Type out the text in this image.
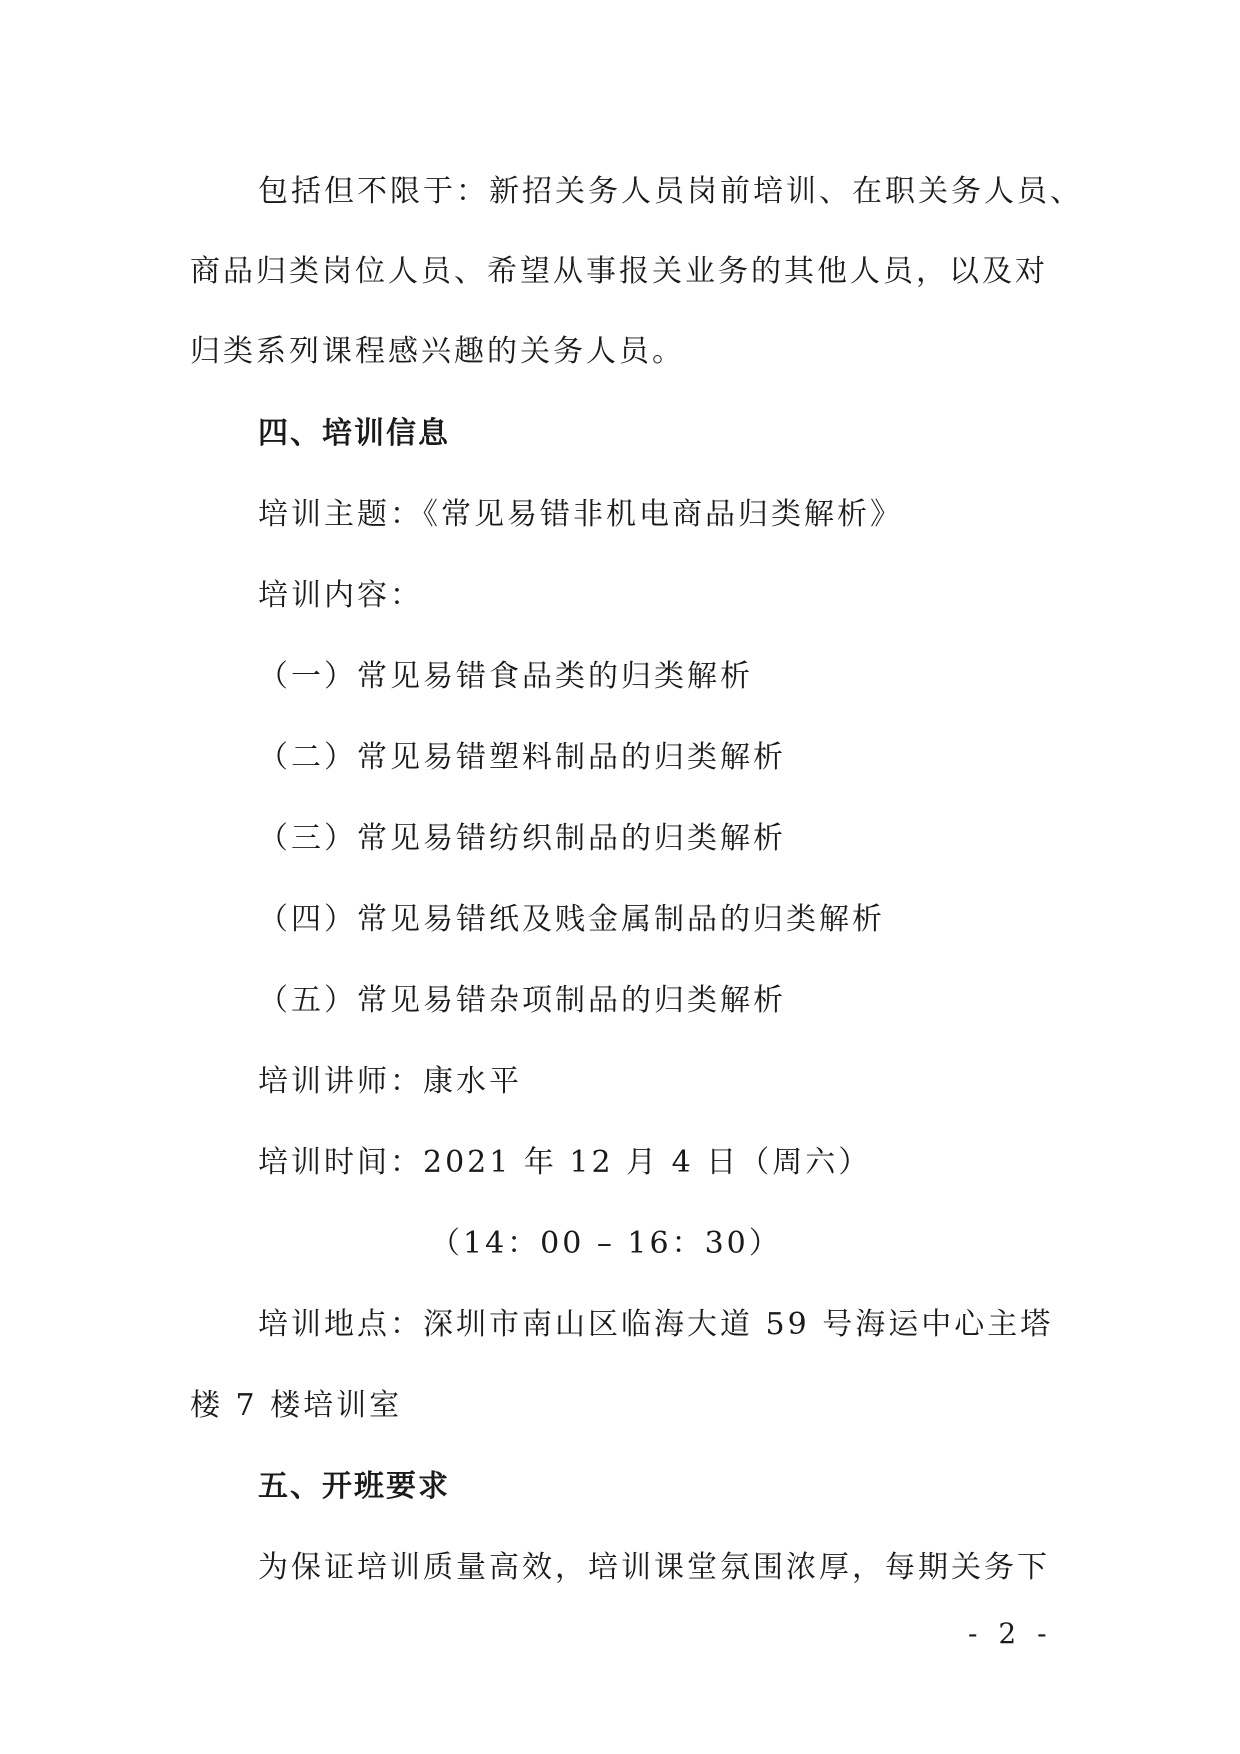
包括但不限于：新招关务人员岗前培训、在职关务人员、
商品归类岗位人员、希望从事报关业务的其他人员，以及对
归类系列课程感兴趣的关务人员。
四、培训信息
培训主题：《常见易错非机电商品归类解析》
培训内容：
（一）常见易错食品类的归类解析
（二）常见易错塑料制品的归类解析
（三）常见易错纺织制品的归类解析
（四）常见易错纸及贱金属制品的归类解析
（五）常见易错杂项制品的归类解析
培训讲师：康水平
培训时间：2021 年 12 月 4 日（周六）
（14：00 – 16：30）
培训地点：深圳市南山区临海大道 59 号海运中心主塔
楼 7 楼培训室
五、开班要求
为保证培训质量高效，培训课堂氛围浓厚，每期关务下
- 2 -
